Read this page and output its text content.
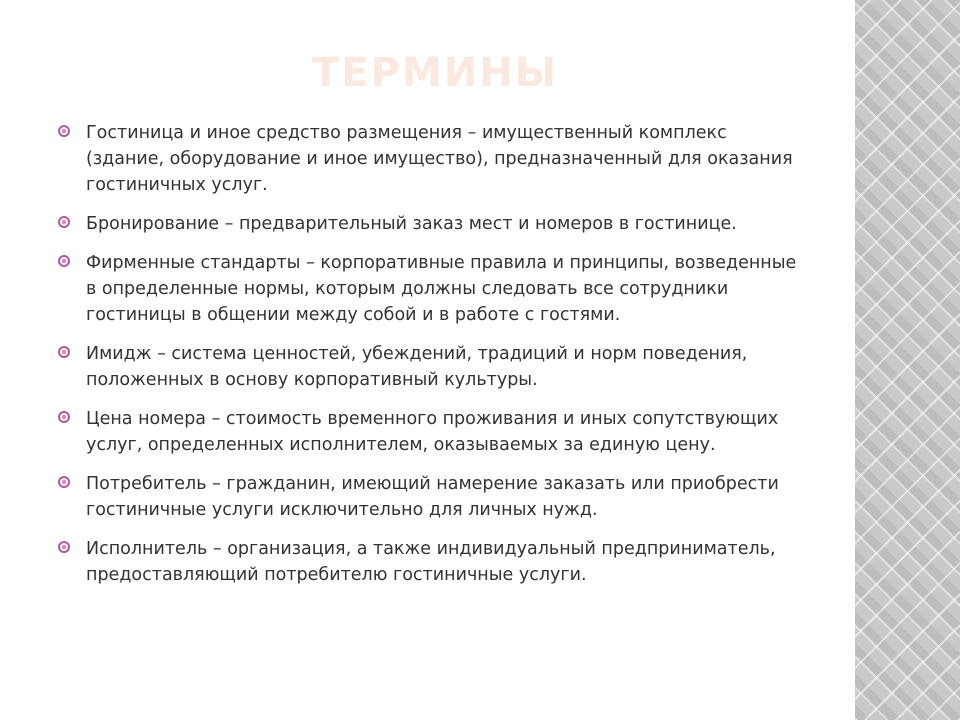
ТЕРМИНЫ
Гостиница и иное средство размещения – имущественный комплекс (здание, оборудование и иное имущество), предназначенный для оказания гостиничных услуг.
Бронирование – предварительный заказ мест и номеров в гостинице.
Фирменные стандарты – корпоративные правила и принципы, возведенные в определенные нормы, которым должны следовать все сотрудники гостиницы в общении между собой и в работе с гостями.
Имидж – система ценностей, убеждений, традиций и норм поведения, положенных в основу корпоративный культуры.
Цена номера – стоимость временного проживания и иных сопутствующих услуг, определенных исполнителем, оказываемых за единую цену.
Потребитель – гражданин, имеющий намерение заказать или приобрести гостиничные услуги исключительно для личных нужд.
Исполнитель – организация, а также индивидуальный предприниматель, предоставляющий потребителю гостиничные услуги.
